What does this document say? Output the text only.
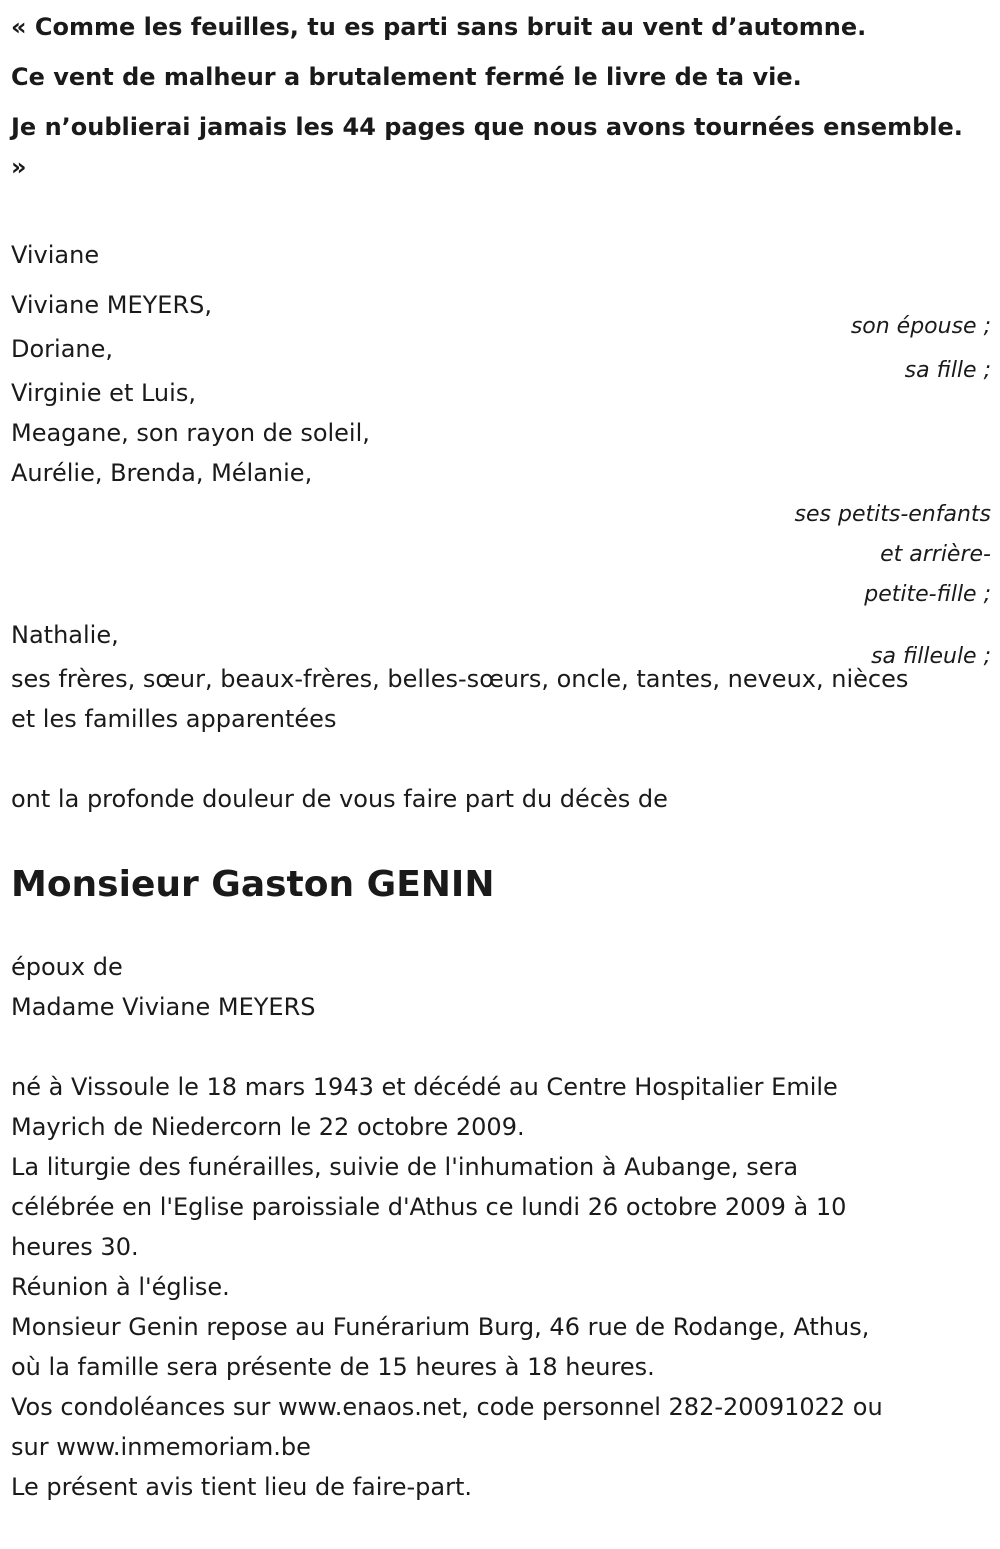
« Comme les feuilles, tu es parti sans bruit au vent d’automne.

Ce vent de malheur a brutalement fermé le livre de ta vie.

Je n’oublierai jamais les 44 pages que nous avons tournées ensemble.

»

Viviane
Viviane MEYERS,
son épouse ;
Doriane,
sa fille ;
Virginie et Luis,
Meagane, son rayon de soleil,
Aurélie, Brenda, Mélanie,
ses petits-enfants
et arrière-
petite-fille ;
Nathalie,
sa filleule ;
ses frères, sœur, beaux-frères, belles-sœurs, oncle, tantes, neveux, nièces
et les familles apparentées
ont la profonde douleur de vous faire part du décès de
Monsieur Gaston GENIN
époux de
Madame Viviane MEYERS
né à Vissoule le 18 mars 1943 et décédé au Centre Hospitalier Emile
Mayrich de Niedercorn le 22 octobre 2009.
La liturgie des funérailles, suivie de l'inhumation à Aubange, sera
célébrée en l'Eglise paroissiale d'Athus ce lundi 26 octobre 2009 à 10
heures 30.
Réunion à l'église.
Monsieur Genin repose au Funérarium Burg, 46 rue de Rodange, Athus,
où la famille sera présente de 15 heures à 18 heures.
Vos condoléances sur www.enaos.net, code personnel 282-20091022 ou
sur www.inmemoriam.be
Le présent avis tient lieu de faire-part.
